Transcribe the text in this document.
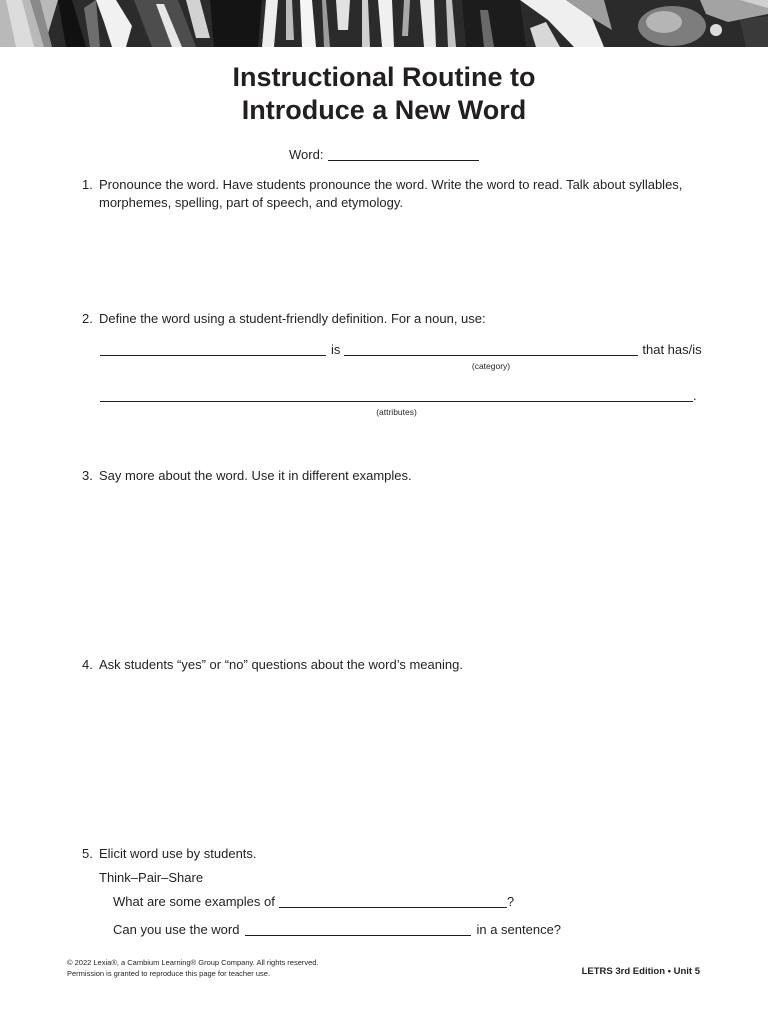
Instructional Routine to
Introduce a New Word
Word:
1. Pronounce the word. Have students pronounce the word. Write the word to read. Talk about syllables,
morphemes, spelling, part of speech, and etymology.
2. Define the word using a student-friendly definition. For a noun, use:
is	that has/is
(category)
.
(attributes)
3. Say more about the word. Use it in different examples.
4. Ask students “yes” or “no” questions about the word’s meaning.
5. Elicit word use by students.
Think–Pair–Share
What are some examples of	?
Can you use the word	in a sentence?
© 2022 Lexia®, a Cambium Learning® Group Company. All rights reserved.
Permission is granted to reproduce this page for teacher use.	LETRS 3rd Edition • Unit 5
